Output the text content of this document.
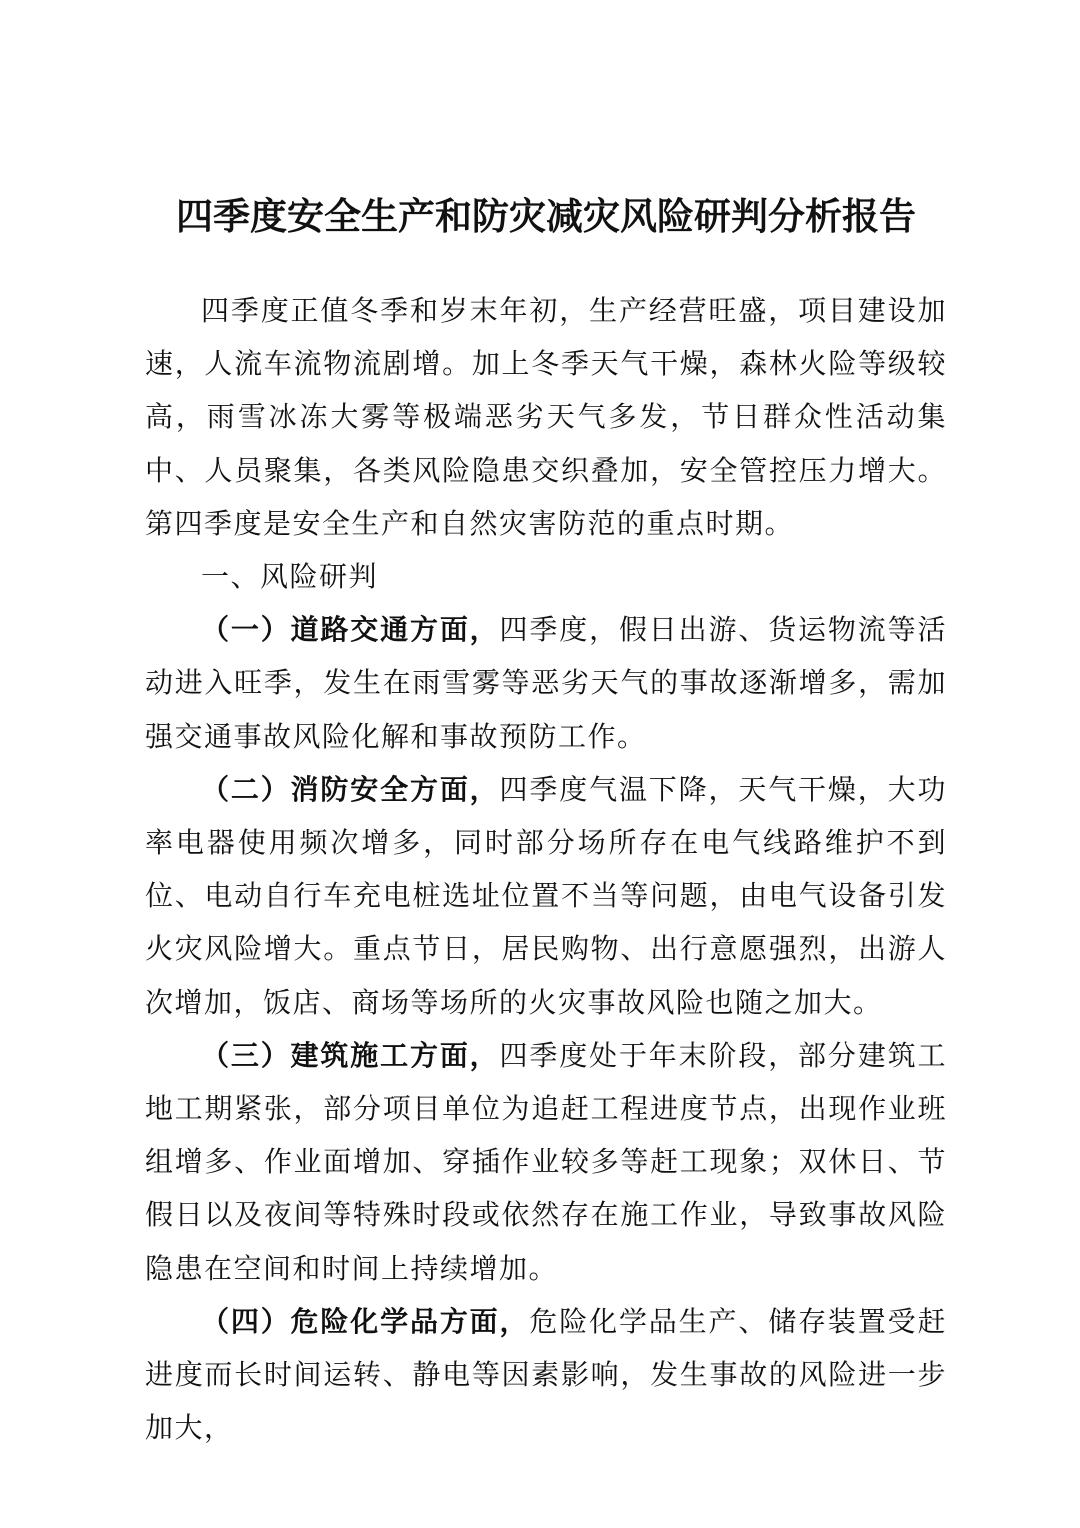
四季度安全生产和防灾减灾风险研判分析报告

四季度正值冬季和岁末年初，生产经营旺盛，项目建设加速，人流车流物流剧增。加上冬季天气干燥，森林火险等级较高，雨雪冰冻大雾等极端恶劣天气多发，节日群众性活动集中、人员聚集，各类风险隐患交织叠加，安全管控压力增大。第四季度是安全生产和自然灾害防范的重点时期。

一、风险研判

（一）道路交通方面，四季度，假日出游、货运物流等活动进入旺季，发生在雨雪雾等恶劣天气的事故逐渐增多，需加强交通事故风险化解和事故预防工作。

（二）消防安全方面，四季度气温下降，天气干燥，大功率电器使用频次增多，同时部分场所存在电气线路维护不到位、电动自行车充电桩选址位置不当等问题，由电气设备引发火灾风险增大。重点节日，居民购物、出行意愿强烈，出游人次增加，饭店、商场等场所的火灾事故风险也随之加大。

（三）建筑施工方面，四季度处于年末阶段，部分建筑工地工期紧张，部分项目单位为追赶工程进度节点，出现作业班组增多、作业面增加、穿插作业较多等赶工现象；双休日、节假日以及夜间等特殊时段或依然存在施工作业，导致事故风险隐患在空间和时间上持续增加。

（四）危险化学品方面，危险化学品生产、储存装置受赶进度而长时间运转、静电等因素影响，发生事故的风险进一步加大，
